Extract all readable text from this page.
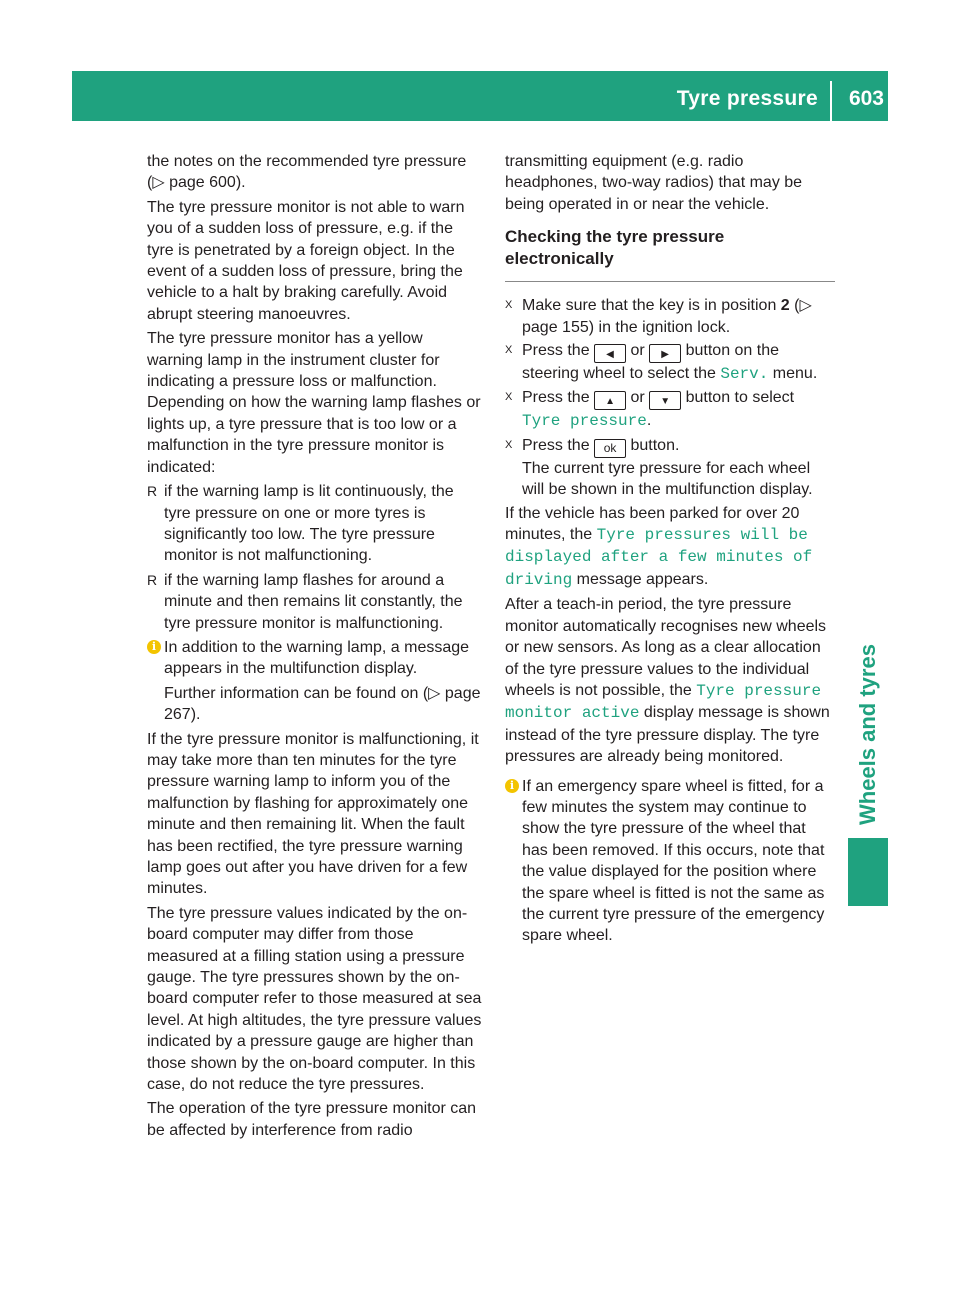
Tyre pressure 603
Wheels and tyres

the notes on the recommended tyre pressure (▷ page 600).

The tyre pressure monitor is not able to warn you of a sudden loss of pressure, e.g. if the tyre is penetrated by a foreign object. In the event of a sudden loss of pressure, bring the vehicle to a halt by braking carefully. Avoid abrupt steering manoeuvres.

The tyre pressure monitor has a yellow warning lamp in the instrument cluster for indicating a pressure loss or malfunction. Depending on how the warning lamp flashes or lights up, a tyre pressure that is too low or a malfunction in the tyre pressure monitor is indicated:

R if the warning lamp is lit continuously, the tyre pressure on one or more tyres is significantly too low. The tyre pressure monitor is not malfunctioning.
R if the warning lamp flashes for around a minute and then remains lit constantly, the tyre pressure monitor is malfunctioning.
i In addition to the warning lamp, a message appears in the multifunction display.

Further information can be found on (▷ page 267).

If the tyre pressure monitor is malfunctioning, it may take more than ten minutes for the tyre pressure warning lamp to inform you of the malfunction by flashing for approximately one minute and then remaining lit. When the fault has been rectified, the tyre pressure warning lamp goes out after you have driven for a few minutes.

The tyre pressure values indicated by the on-board computer may differ from those measured at a filling station using a pressure gauge. The tyre pressures shown by the on-board computer refer to those measured at sea level. At high altitudes, the tyre pressure values indicated by a pressure gauge are higher than those shown by the on-board computer. In this case, do not reduce the tyre pressures.

The operation of the tyre pressure monitor can be affected by interference from radio

transmitting equipment (e.g. radio headphones, two-way radios) that may be being operated in or near the vehicle.

Checking the tyre pressure electronically
X Make sure that the key is in position 2 (▷ page 155) in the ignition lock.
X Press the ◀ or ▶ button on the steering wheel to select the Serv. menu.
X Press the ▲ or ▼ button to select Tyre pressure.
X Press the ok button.
The current tyre pressure for each wheel will be shown in the multifunction display.

If the vehicle has been parked for over 20 minutes, the Tyre pressures will be displayed after a few minutes of driving message appears.

After a teach-in period, the tyre pressure monitor automatically recognises new wheels or new sensors. As long as a clear allocation of the tyre pressure values to the individual wheels is not possible, the Tyre pressure monitor active display message is shown instead of the tyre pressure display. The tyre pressures are already being monitored.

i If an emergency spare wheel is fitted, for a few minutes the system may continue to show the tyre pressure of the wheel that has been removed. If this occurs, note that the value displayed for the position where the spare wheel is fitted is not the same as the current tyre pressure of the emergency spare wheel.
